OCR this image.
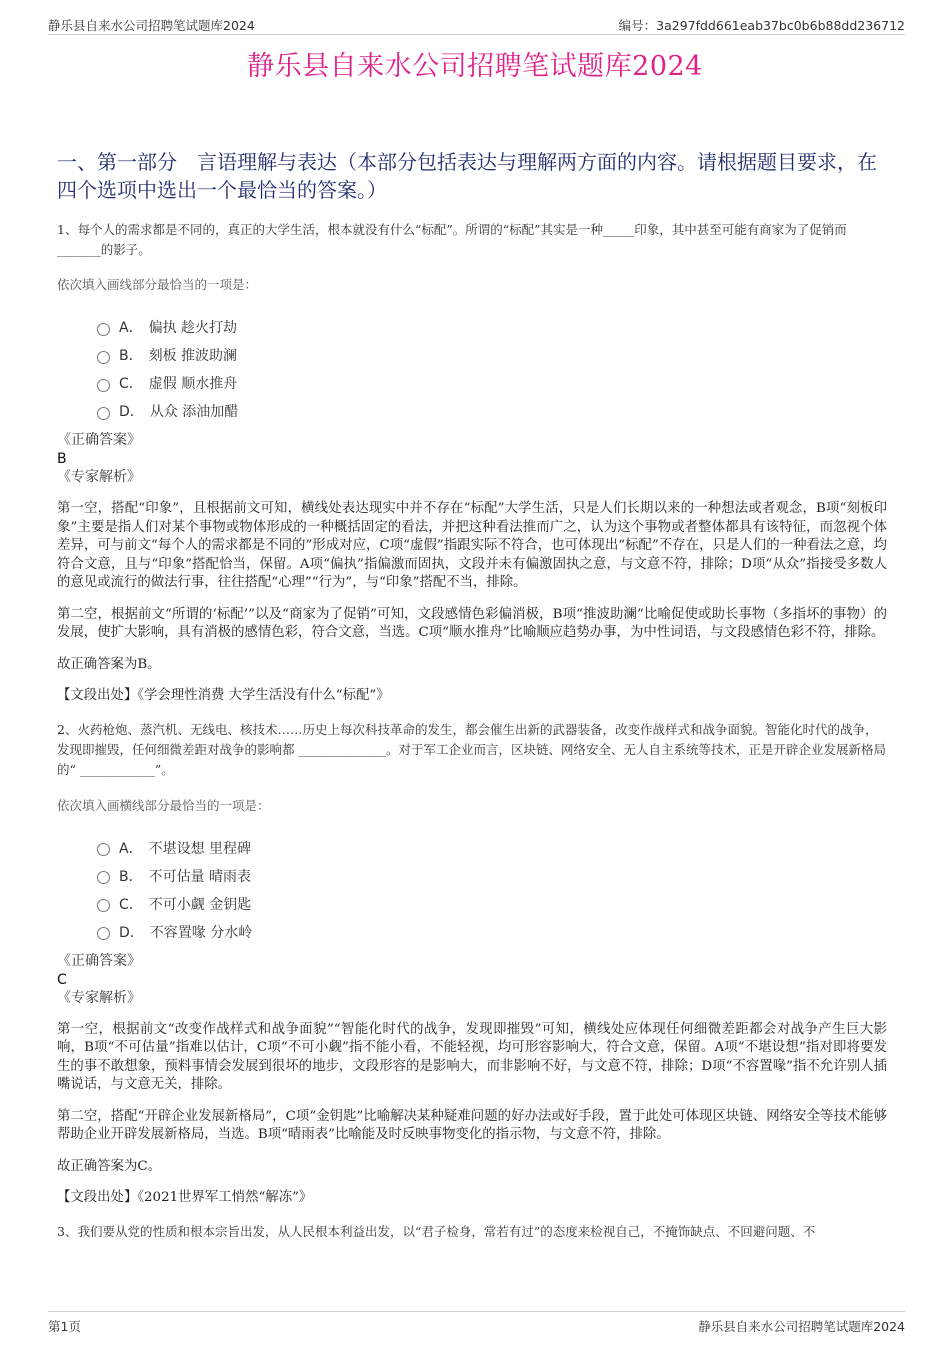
静乐县自来水公司招聘笔试题库2024	编号：3a297fdd661eab37bc0b6b88dd236712
静乐县自来水公司招聘笔试题库2024
一、第一部分　言语理解与表达（本部分包括表达与理解两方面的内容。请根据题目要求，在四个选项中选出一个最恰当的答案。）

1、每个人的需求都是不同的，真正的大学生活，根本就没有什么“标配”。所谓的“标配”其实是一种_____印象，其中甚至可能有商家为了促销而_______的影子。

依次填入画线部分最恰当的一项是：

A． 偏执 趁火打劫
B． 刻板 推波助澜
C． 虚假 顺水推舟
D． 从众 添油加醋

《正确答案》

B

《专家解析》

第一空，搭配“印象”，且根据前文可知，横线处表达现实中并不存在“标配”大学生活，只是人们长期以来的一种想法或者观念，B项“刻板印象”主要是指人们对某个事物或物体形成的一种概括固定的看法，并把这种看法推而广之，认为这个事物或者整体都具有该特征，而忽视个体差异，可与前文“每个人的需求都是不同的”形成对应，C项“虚假”指跟实际不符合，也可体现出“标配”不存在，只是人们的一种看法之意，均符合文意，且与“印象”搭配恰当，保留。A项“偏执”指偏激而固执，文段并未有偏激固执之意，与文意不符，排除；D项“从众”指接受多数人的意见或流行的做法行事，往往搭配“心理”“行为”，与“印象”搭配不当，排除。

第二空，根据前文“所谓的‘标配’”以及“商家为了促销”可知，文段感情色彩偏消极，B项“推波助澜”比喻促使或助长事物（多指坏的事物）的发展，使扩大影响，具有消极的感情色彩，符合文意，当选。C项“顺水推舟”比喻顺应趋势办事，为中性词语，与文段感情色彩不符，排除。

故正确答案为B。

【文段出处】《学会理性消费 大学生活没有什么“标配”》

2、火药枪炮、蒸汽机、无线电、核技术……历史上每次科技革命的发生，都会催生出新的武器装备，改变作战样式和战争面貌。智能化时代的战争，发现即摧毁，任何细微差距对战争的影响都 ______________。对于军工企业而言，区块链、网络安全、无人自主系统等技术，正是开辟企业发展新格局的“ ____________”。

依次填入画横线部分最恰当的一项是：

A． 不堪设想 里程碑
B． 不可估量 晴雨表
C． 不可小觑 金钥匙
D． 不容置喙 分水岭

《正确答案》

C

《专家解析》

第一空，根据前文“改变作战样式和战争面貌”“智能化时代的战争，发现即摧毁”可知，横线处应体现任何细微差距都会对战争产生巨大影响，B项“不可估量”指难以估计，C项“不可小觑”指不能小看，不能轻视，均可形容影响大，符合文意，保留。A项“不堪设想”指对即将要发生的事不敢想象，预料事情会发展到很坏的地步，文段形容的是影响大，而非影响不好，与文意不符，排除；D项“不容置喙”指不允许别人插嘴说话，与文意无关，排除。

第二空，搭配“开辟企业发展新格局”，C项“金钥匙”比喻解决某种疑难问题的好办法或好手段，置于此处可体现区块链、网络安全等技术能够帮助企业开辟发展新格局，当选。B项“晴雨表”比喻能及时反映事物变化的指示物，与文意不符，排除。

故正确答案为C。

【文段出处】《2021世界军工悄然“解冻”》

3、我们要从党的性质和根本宗旨出发，从人民根本利益出发，以“君子检身，常若有过”的态度来检视自己，不掩饰缺点、不回避问题、不

第1页	静乐县自来水公司招聘笔试题库2024
